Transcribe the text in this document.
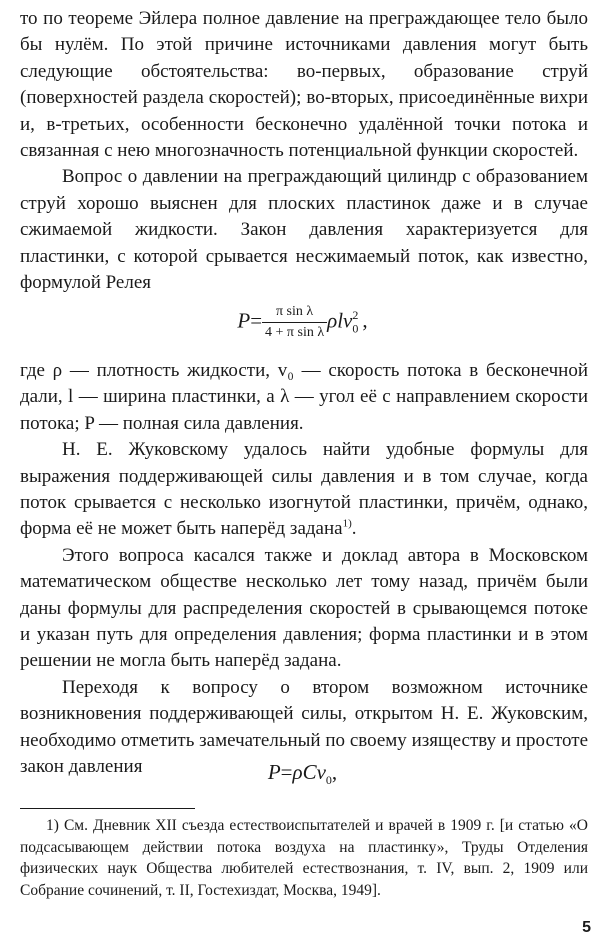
то по теореме Эйлера полное давление на преграждающее тело было бы нулём. По этой причине источниками давления могут быть следующие обстоятельства: во-первых, образование струй (поверхностей раздела скоростей); во-вторых, присоединённые вихри и, в-третьих, особенности бесконечно удалённой точки потока и связанная с нею многозначность потенциальной функции скоростей.

Вопрос о давлении на преграждающий цилиндр с образованием струй хорошо выяснен для плоских пластинок даже и в случае сжимаемой жидкости. Закон давления характеризуется для пластинки, с которой срывается несжимаемый поток, как известно, формулой Релея

$P= \frac{\text{π sin λ}}{\text{4 + π sin λ}} \rho lv_0^2$ ,

где ρ — плотность жидкости, v₀ — скорость потока в бесконечной дали, l — ширина пластинки, а λ — угол её с направлением скорости потока; P — полная сила давления.

Н. Е. Жуковскому удалось найти удобные формулы для выражения поддерживающей силы давления и в том случае, когда поток срывается с несколько изогнутой пластинки, причём, однако, форма её не может быть наперёд задана$^{1)}$.

Этого вопроса касался также и доклад автора в Московском математическом обществе несколько лет тому назад, причём были даны формулы для распределения скоростей в срывающемся потоке и указан путь для определения давления; форма пластинки и в этом решении не могла быть наперёд задана.

Переходя к вопросу о втором возможном источнике возникновения поддерживающей силы, открытом Н. Е. Жуковским, необходимо отметить замечательный по своему изяществу и простоте закон давления	P=ρCv$_0$,

1) См. Дневник XII съезда естествоиспытателей и врачей в 1909 г. [и статью «О подсасывающем действии потока воздуха на пластинку», Труды Отделения физических наук Общества любителей естествознания, т. IV, вып. 2, 1909 или Собрание сочинений, т. II, Гостехиздат, Москва, 1949].

5
